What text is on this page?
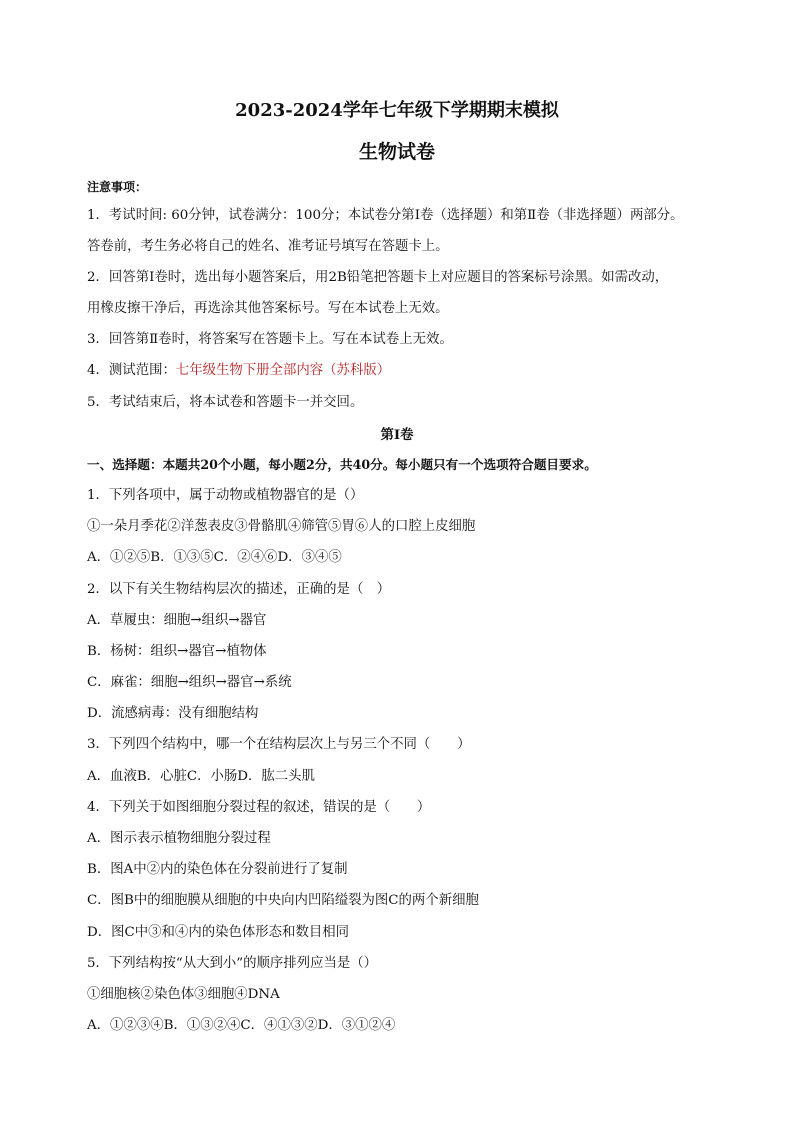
2023-2024学年七年级下学期期末模拟
生物试卷

注意事项：

1．考试时间: 60分钟，试卷满分：100分；本试卷分第Ⅰ卷（选择题）和第Ⅱ卷（非选择题）两部分。

答卷前，考生务必将自己的姓名、准考证号填写在答题卡上。

2．回答第Ⅰ卷时，选出每小题答案后，用2B铅笔把答题卡上对应题目的答案标号涂黑。如需改动，

用橡皮擦干净后，再选涂其他答案标号。写在本试卷上无效。

3．回答第Ⅱ卷时，将答案写在答题卡上。写在本试卷上无效。

4．测试范围：七年级生物下册全部内容（苏科版）

5．考试结束后，将本试卷和答题卡一并交回。

第Ⅰ卷

一、选择题：本题共20个小题，每小题2分，共40分。每小题只有一个选项符合题目要求。

1．下列各项中，属于动物或植物器官的是（）

①一朵月季花②洋葱表皮③骨骼肌④筛管⑤胃⑥人的口腔上皮细胞

A．①②⑤B．①③⑤C．②④⑥D．③④⑤

2．以下有关生物结构层次的描述，正确的是（　）

A．草履虫：细胞→组织→器官

B．杨树：组织→器官→植物体

C．麻雀：细胞→组织→器官→系统

D．流感病毒：没有细胞结构

3．下列四个结构中，哪一个在结构层次上与另三个不同（　　）

A．血液B．心脏C．小肠D．肱二头肌

4．下列关于如图细胞分裂过程的叙述，错误的是（　　）

A．图示表示植物细胞分裂过程

B．图A中②内的染色体在分裂前进行了复制

C．图B中的细胞膜从细胞的中央向内凹陷缢裂为图C的两个新细胞

D．图C中③和④内的染色体形态和数目相同

5．下列结构按“从大到小”的顺序排列应当是（）

①细胞核②染色体③细胞④DNA

A．①②③④B．①③②④C．④①③②D．③①②④
